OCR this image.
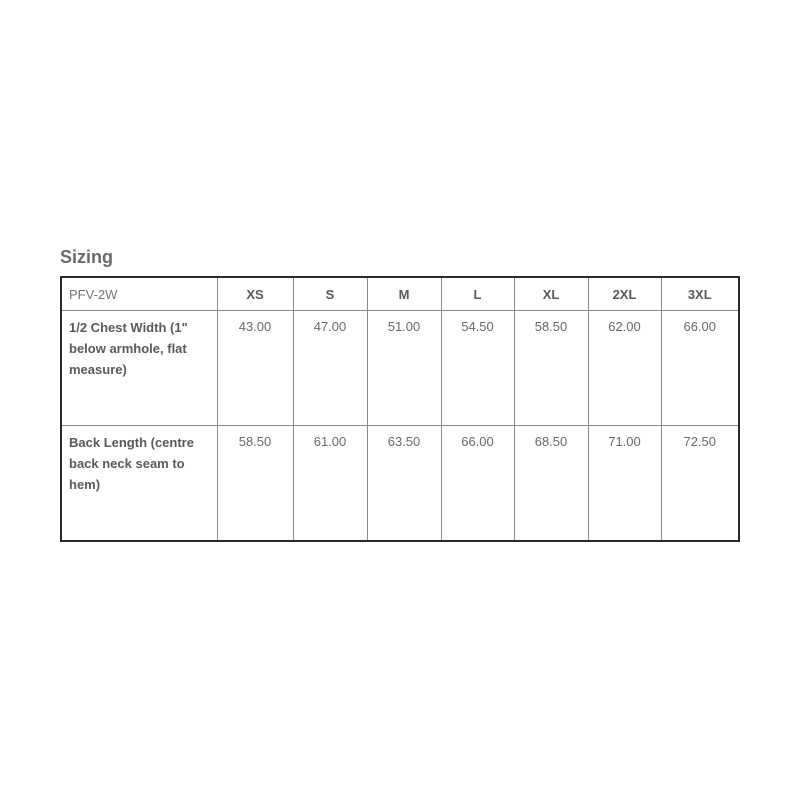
Sizing
PFV-2W	XS	S	M	L	XL	2XL	3XL
1/2 Chest Width (1" below armhole, flat measure)	43.00	47.00	51.00	54.50	58.50	62.00	66.00
Back Length (centre back neck seam to hem)	58.50	61.00	63.50	66.00	68.50	71.00	72.50
